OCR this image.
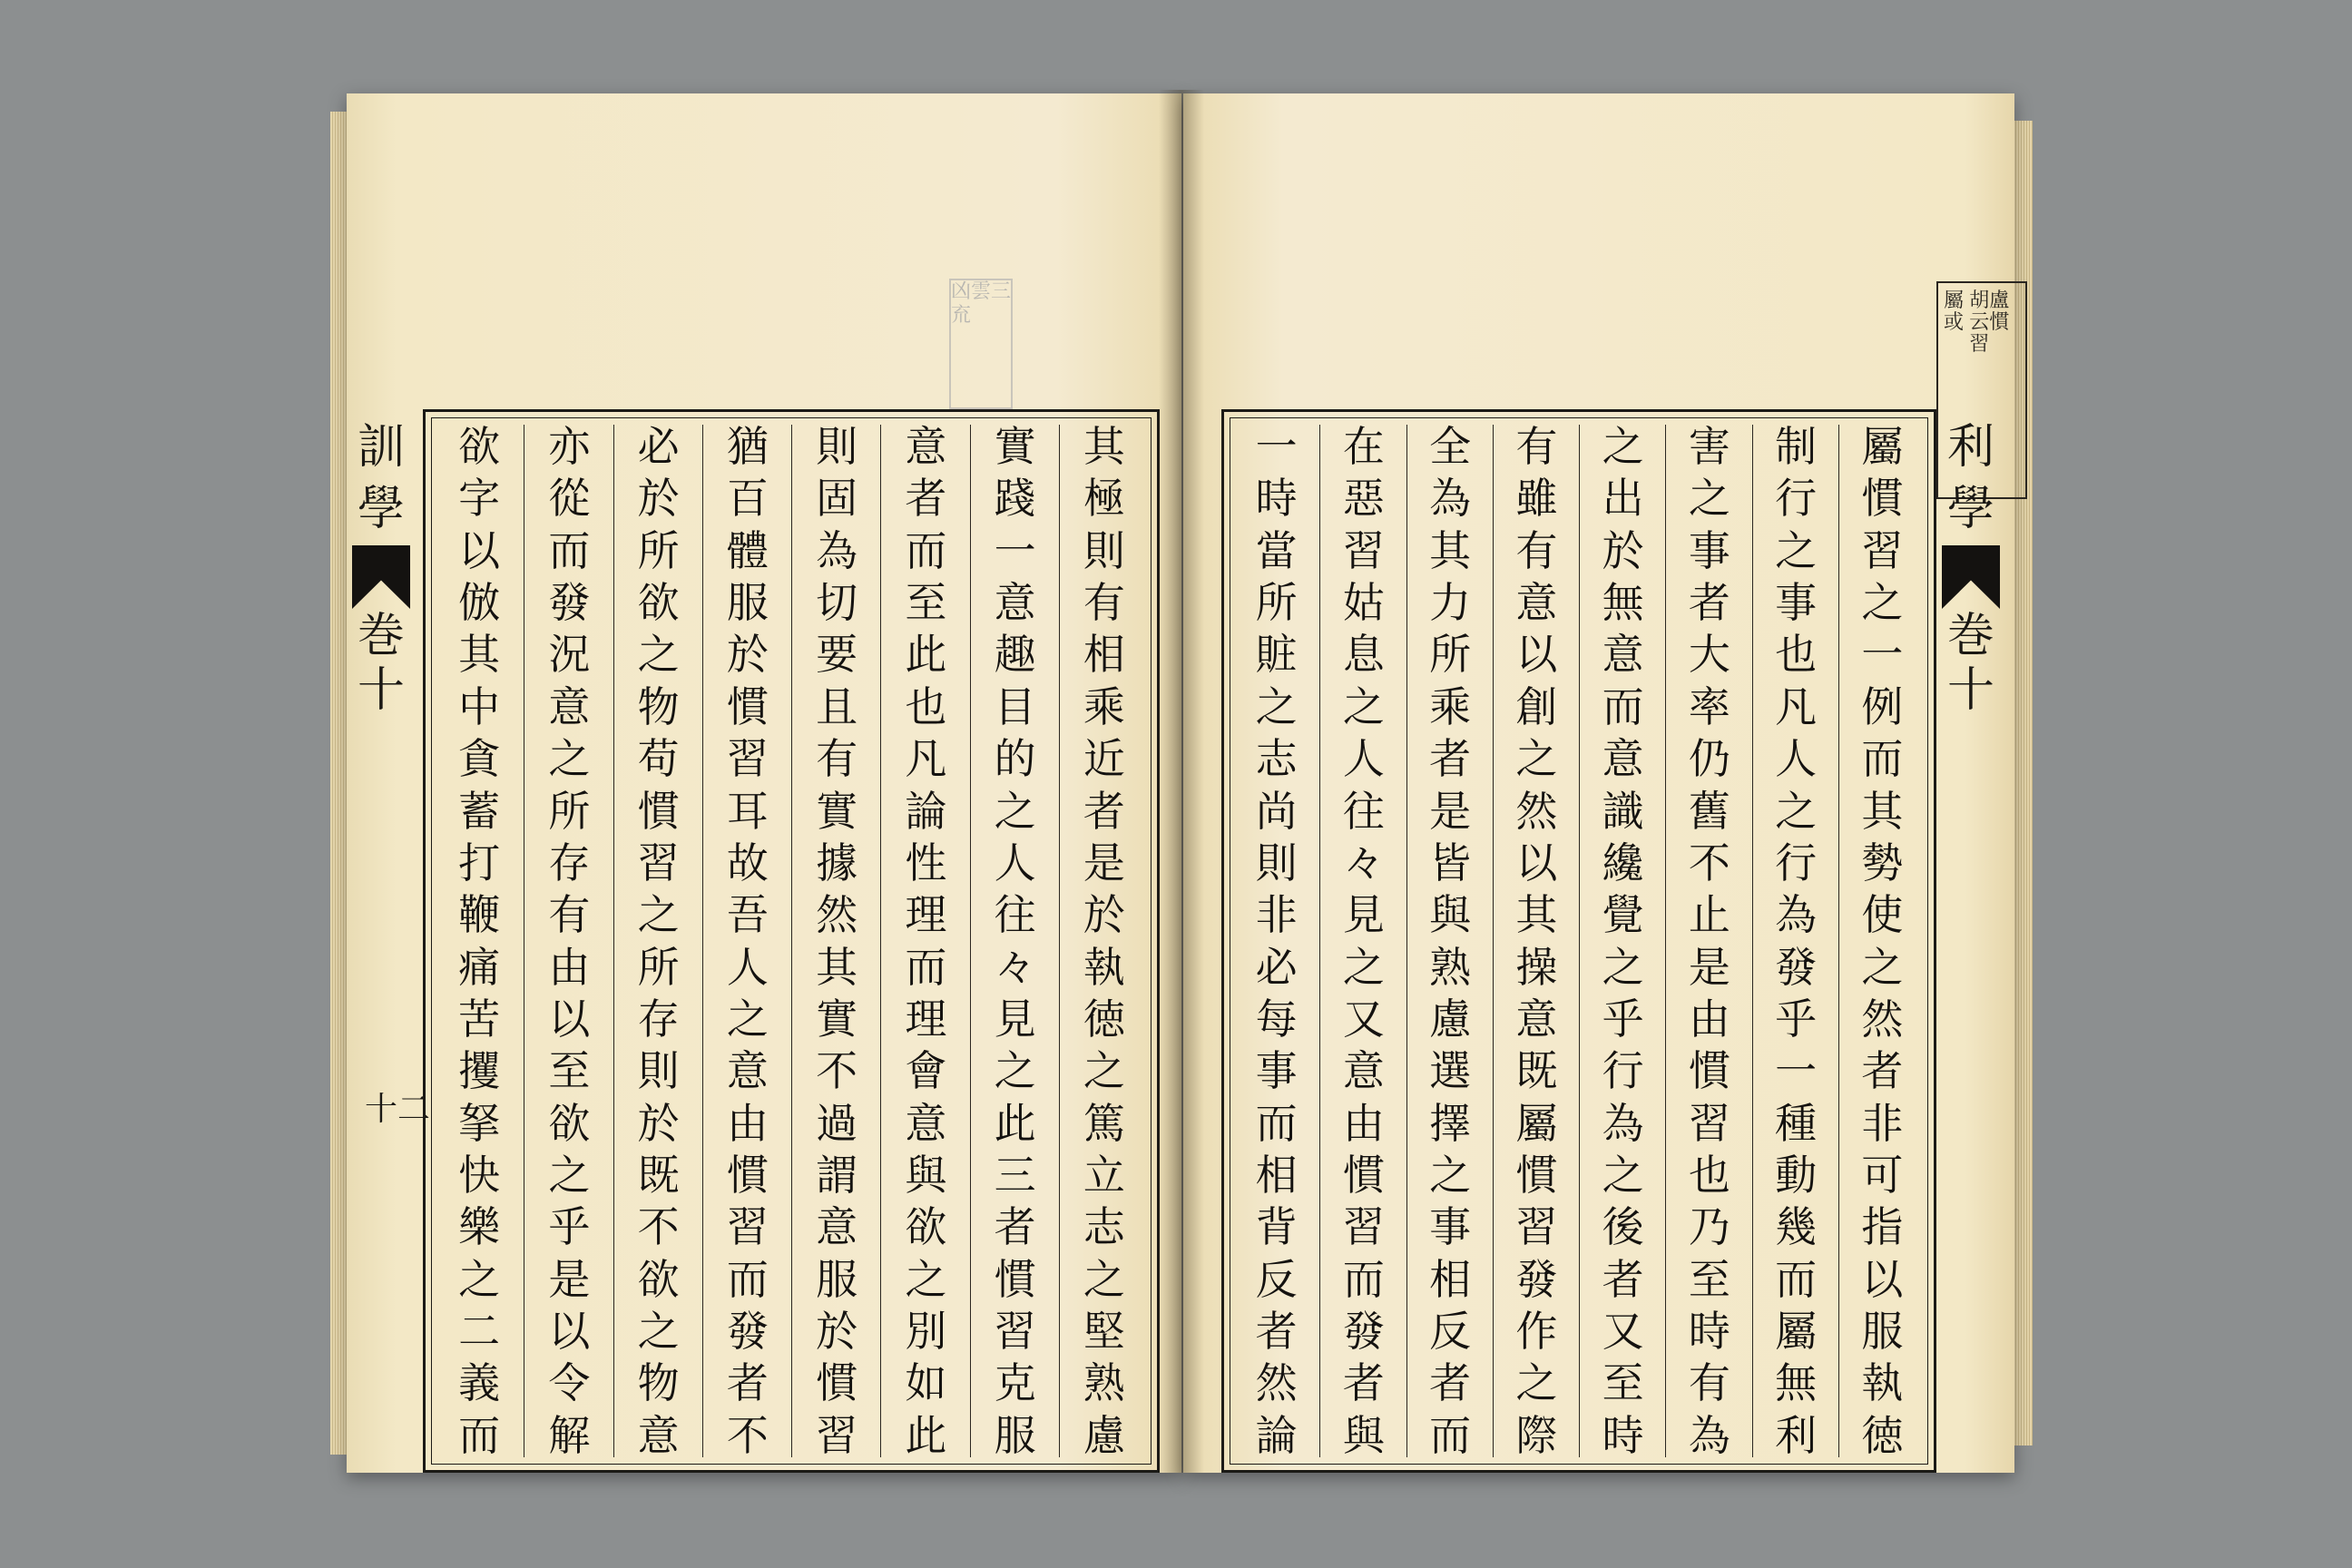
凶雲三㐬
訓
學
巻
十
十二
其
極
則
有
相
乘
近
者
是
於
執
徳
之
篤
立
志
之
堅
熟
慮
實
踐
一
意
趣
目
的
之
人
往
々
見
之
此
三
者
慣
習
克
服
意
者
而
至
此
也
凡
論
性
理
而
理
會
意
與
欲
之
別
如
此
則
固
為
切
要
且
有
實
據
然
其
實
不
過
謂
意
服
於
慣
習
猶
百
體
服
於
慣
習
耳
故
吾
人
之
意
由
慣
習
而
發
者
不
必
於
所
欲
之
物
苟
慣
習
之
所
存
則
於
既
不
欲
之
物
意
亦
從
而
發
況
意
之
所
存
有
由
以
至
欲
之
乎
是
以
令
解
欲
字
以
倣
其
中
貪
蓄
打
鞭
痛
苦
攫
拏
快
樂
之
二
義
而
胡盧云慣習
屬或
屬
慣
習
之
一
例
而
其
勢
使
之
然
者
非
可
指
以
服
執
徳
制
行
之
事
也
凡
人
之
行
為
發
乎
一
種
動
幾
而
屬
無
利
害
之
事
者
大
率
仍
舊
不
止
是
由
慣
習
也
乃
至
時
有
為
之
出
於
無
意
而
意
識
纔
覺
之
乎
行
為
之
後
者
又
至
時
有
雖
有
意
以
創
之
然
以
其
操
意
既
屬
慣
習
發
作
之
際
全
為
其
力
所
乘
者
是
皆
與
熟
慮
選
擇
之
事
相
反
者
而
在
惡
習
姑
息
之
人
往
々
見
之
又
意
由
慣
習
而
發
者
與
一
時
當
所
賍
之
志
尚
則
非
必
每
事
而
相
背
反
者
然
論
利
學
巻
十
